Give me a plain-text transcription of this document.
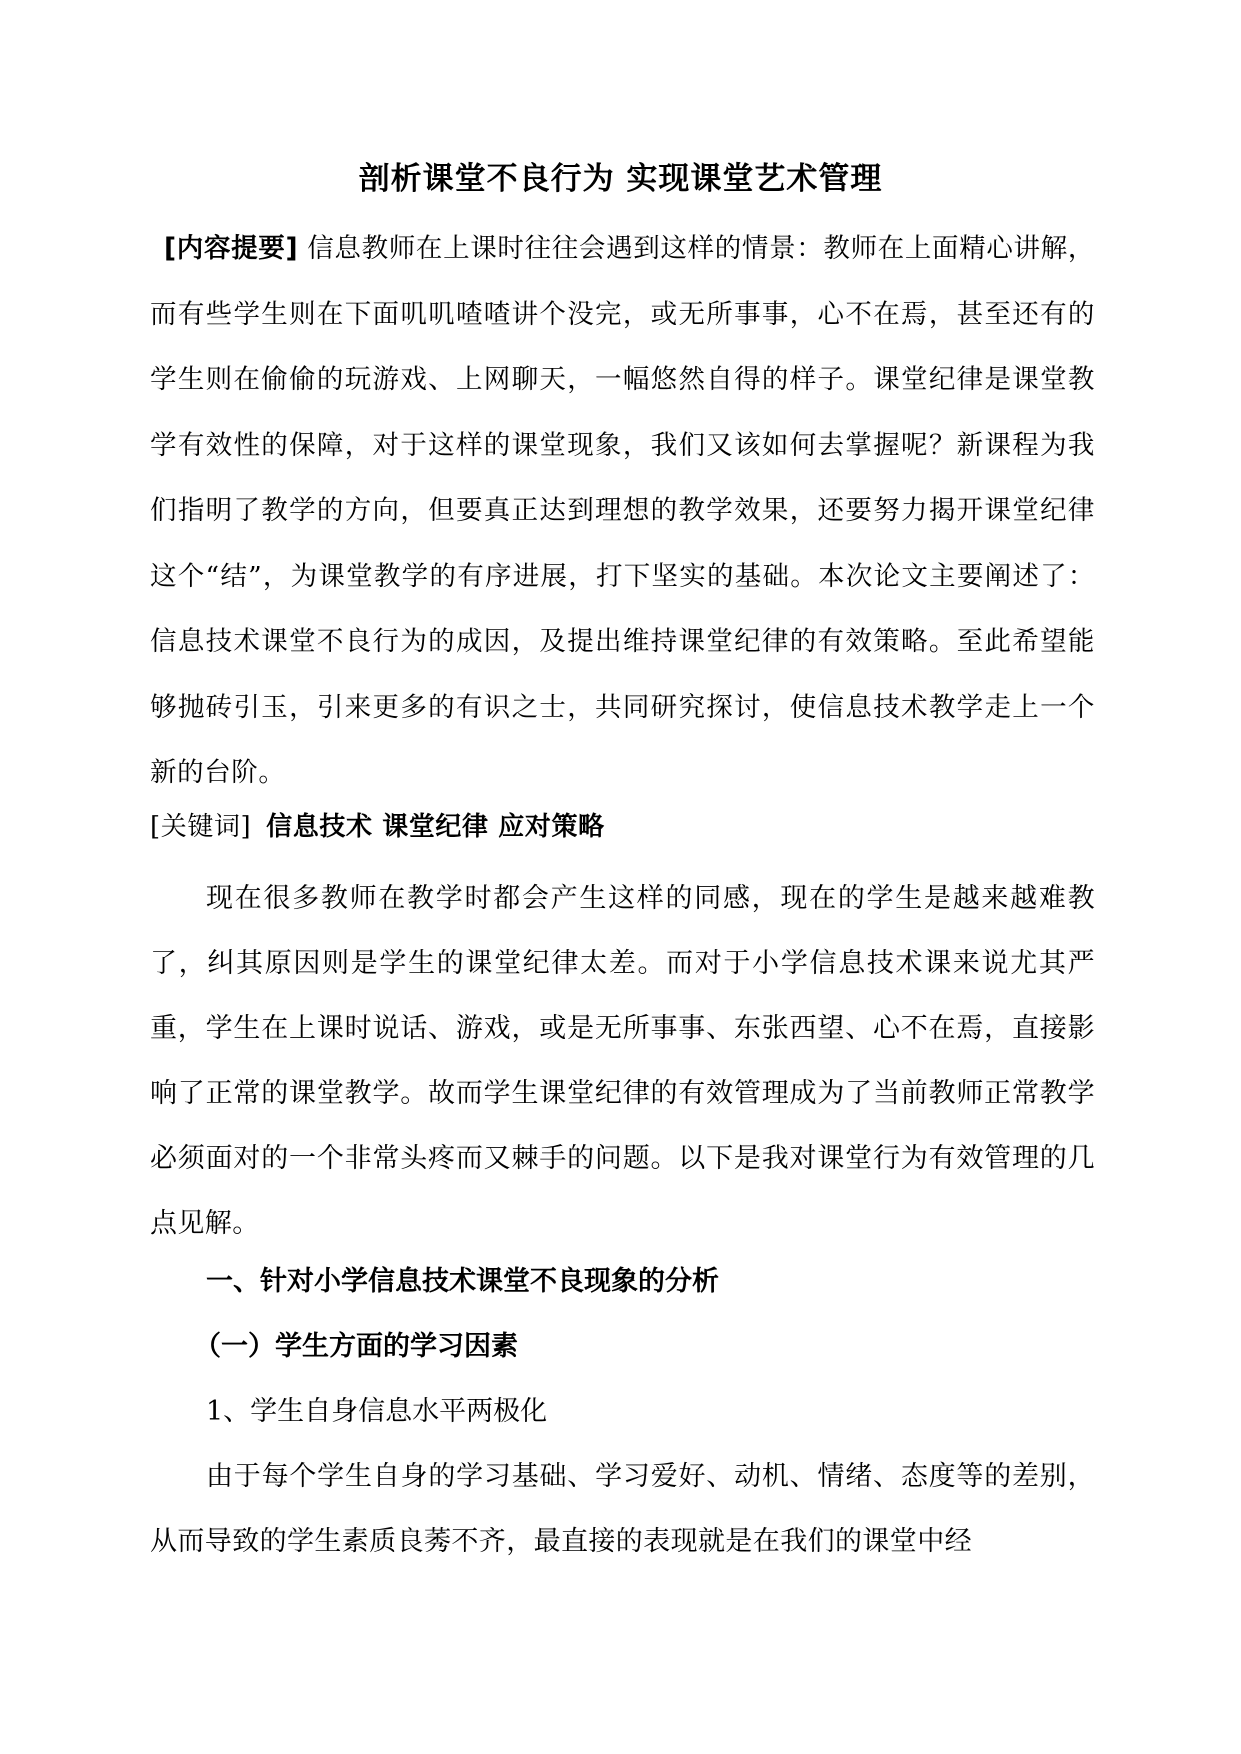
剖析课堂不良行为 实现课堂艺术管理
[内容提要] 信息教师在上课时往往会遇到这样的情景：教师在上面精心讲解，而有些学生则在下面叽叽喳喳讲个没完，或无所事事，心不在焉，甚至还有的学生则在偷偷的玩游戏、上网聊天，一幅悠然自得的样子。课堂纪律是课堂教学有效性的保障，对于这样的课堂现象，我们又该如何去掌握呢？新课程为我们指明了教学的方向，但要真正达到理想的教学效果，还要努力揭开课堂纪律这个“结”，为课堂教学的有序进展，打下坚实的基础。本次论文主要阐述了：信息技术课堂不良行为的成因，及提出维持课堂纪律的有效策略。至此希望能够抛砖引玉，引来更多的有识之士，共同研究探讨，使信息技术教学走上一个新的台阶。
[关键词] 信息技术 课堂纪律 应对策略
现在很多教师在教学时都会产生这样的同感，现在的学生是越来越难教了，纠其原因则是学生的课堂纪律太差。而对于小学信息技术课来说尤其严重，学生在上课时说话、游戏，或是无所事事、东张西望、心不在焉，直接影响了正常的课堂教学。故而学生课堂纪律的有效管理成为了当前教师正常教学必须面对的一个非常头疼而又棘手的问题。以下是我对课堂行为有效管理的几点见解。
一、针对小学信息技术课堂不良现象的分析
（一）学生方面的学习因素
1、学生自身信息水平两极化
由于每个学生自身的学习基础、学习爱好、动机、情绪、态度等的差别，从而导致的学生素质良莠不齐，最直接的表现就是在我们的课堂中经
